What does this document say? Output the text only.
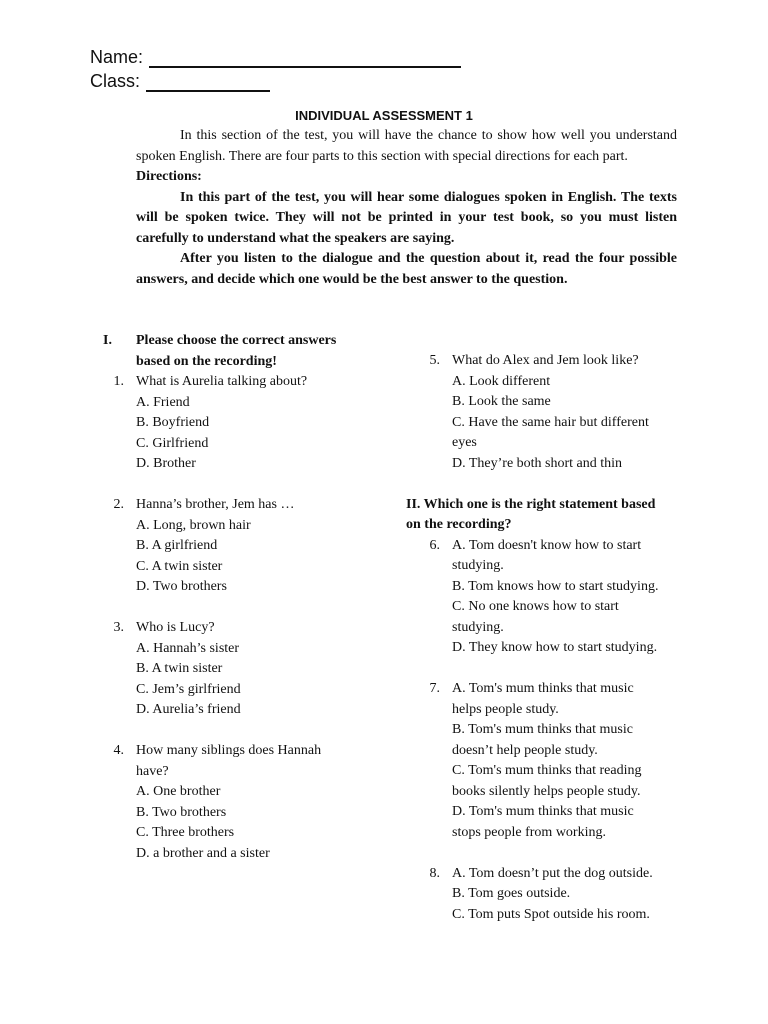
Name:
Class:
INDIVIDUAL ASSESSMENT 1

In this section of the test, you will have the chance to show how well you understand spoken English. There are four parts to this section with special directions for each part.

Directions:

In this part of the test, you will hear some dialogues spoken in English. The texts will be spoken twice. They will not be printed in your test book, so you must listen carefully to understand what the speakers are saying.

After you listen to the dialogue and the question about it, read the four possible answers, and decide which one would be the best answer to the question.

I. Please choose the correct answers
based on the recording!
1. What is Aurelia talking about?
A. Friend
B. Boyfriend
C. Girlfriend
D. Brother
2. Hanna’s brother, Jem has …
A. Long, brown hair
B. A girlfriend
C. A twin sister
D. Two brothers
3. Who is Lucy?
A. Hannah’s sister
B. A twin sister
C. Jem’s girlfriend
D. Aurelia’s friend
4. How many siblings does Hannah
have?
A. One brother
B. Two brothers
C. Three brothers
D. a brother and a sister
5. What do Alex and Jem look like?
A. Look different
B. Look the same
C. Have the same hair but different
eyes
D. They’re both short and thin
II. Which one is the right statement based
on the recording?
6. A. Tom doesn't know how to start
studying.
B. Tom knows how to start studying.
C. No one knows how to start
studying.
D. They know how to start studying.
7. A. Tom's mum thinks that music
helps people study.
B. Tom's mum thinks that music
doesn’t help people study.
C. Tom's mum thinks that reading
books silently helps people study.
D. Tom's mum thinks that music
stops people from working.
8. A. Tom doesn’t put the dog outside.
B. Tom goes outside.
C. Tom puts Spot outside his room.
